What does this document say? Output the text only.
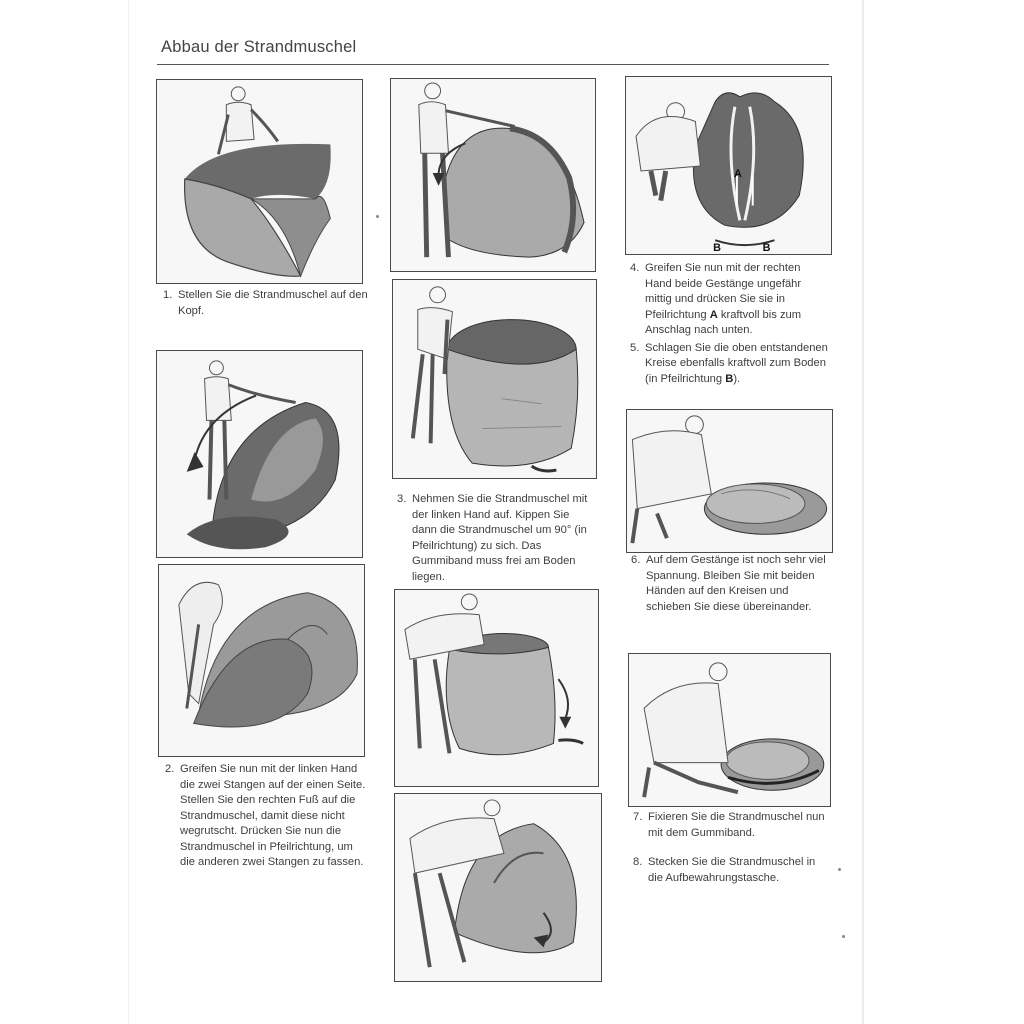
Abbau der Strandmuschel
1. Stellen Sie die Strandmuschel auf den Kopf.
2. Greifen Sie nun mit der linken Hand die zwei Stangen auf der einen Seite. Stellen Sie den rechten Fuß auf die Strandmuschel, damit diese nicht wegrutscht. Drücken Sie nun die Strandmuschel in Pfeilrichtung, um die anderen zwei Stangen zu fassen.
3. Nehmen Sie die Strandmuschel mit der linken Hand auf. Kippen Sie dann die Strandmuschel um 90° (in Pfeilrichtung) zu sich. Das Gummiband muss frei am Boden liegen.
A
B	B
4. Greifen Sie nun mit der rechten Hand beide Gestänge ungefähr mittig und drücken Sie sie in Pfeilrichtung A kraftvoll bis zum Anschlag nach unten.
5. Schlagen Sie die oben entstandenen Kreise ebenfalls kraftvoll zum Boden (in Pfeilrichtung B).
6. Auf dem Gestänge ist noch sehr viel Spannung. Bleiben Sie mit beiden Händen auf den Kreisen und schieben Sie diese übereinander.
7. Fixieren Sie die Strandmuschel nun mit dem Gummiband.
8. Stecken Sie die Strandmuschel in die Aufbewahrungstasche.
